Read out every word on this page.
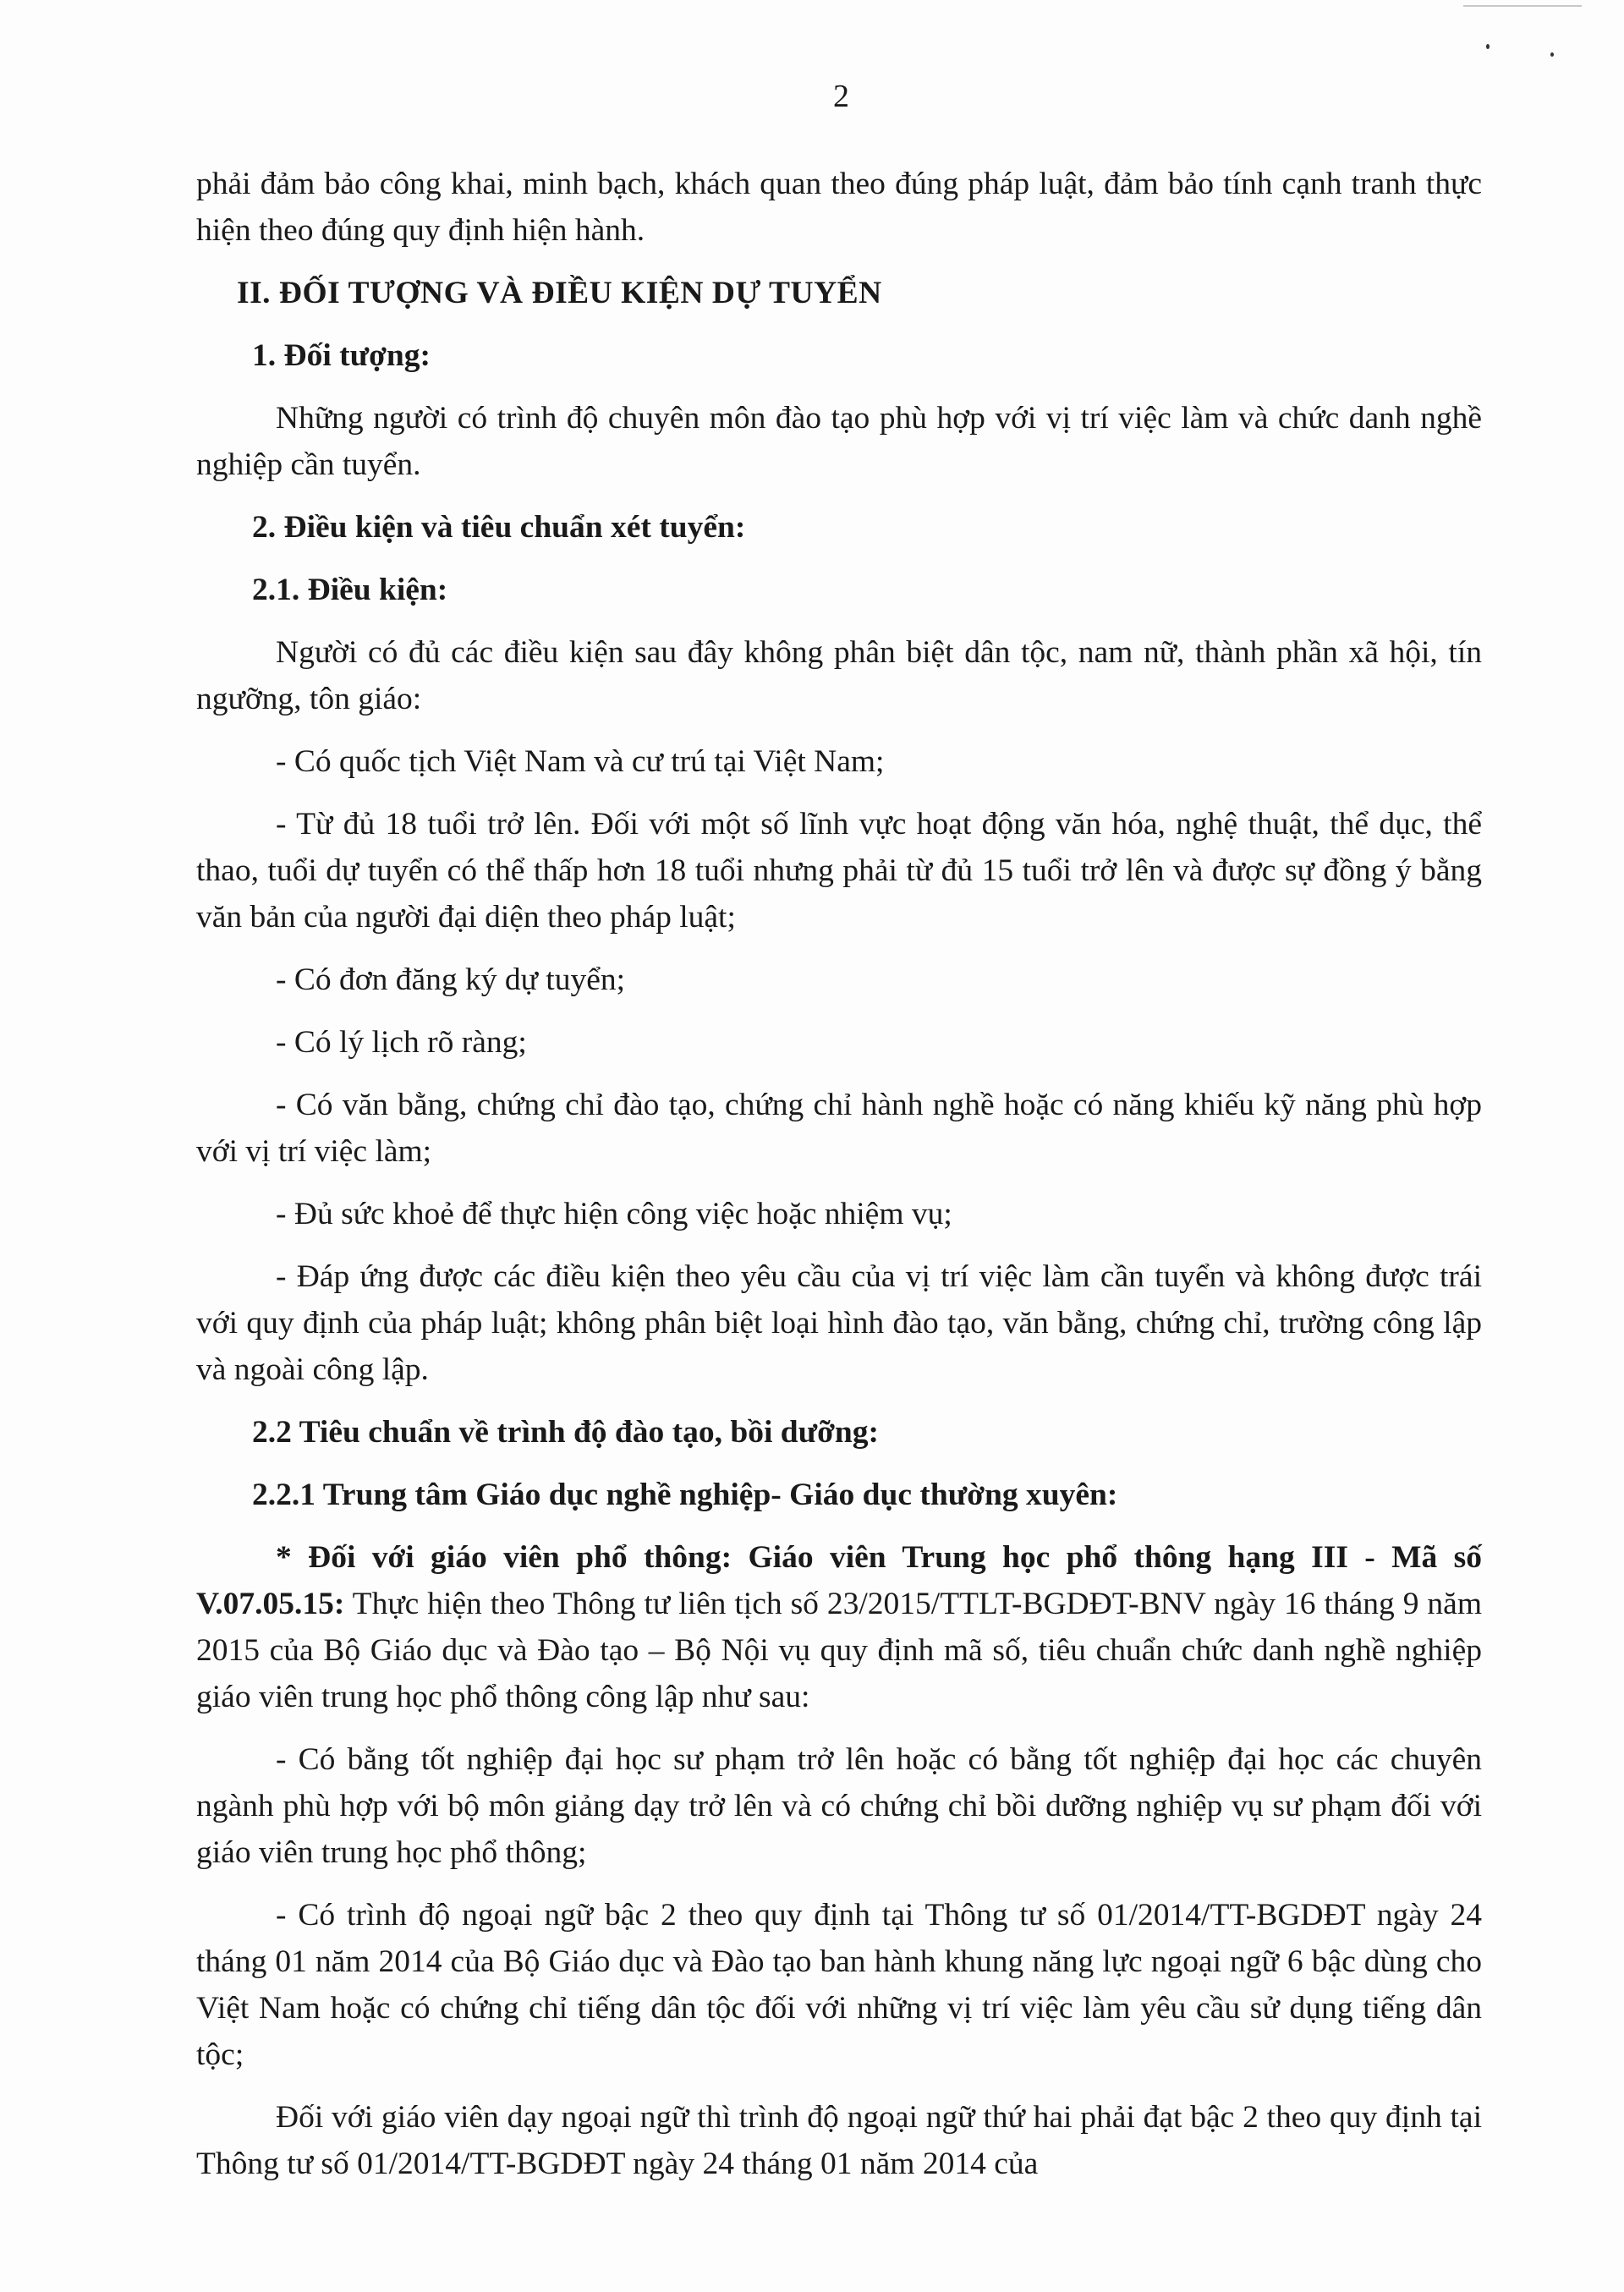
2

phải đảm bảo công khai, minh bạch, khách quan theo đúng pháp luật, đảm bảo tính cạnh tranh thực hiện theo đúng quy định hiện hành.

II. ĐỐI TƯỢNG VÀ ĐIỀU KIỆN DỰ TUYỂN

1. Đối tượng:

Những người có trình độ chuyên môn đào tạo phù hợp với vị trí việc làm và chức danh nghề nghiệp cần tuyển.

2. Điều kiện và tiêu chuẩn xét tuyển:

2.1. Điều kiện:

Người có đủ các điều kiện sau đây không phân biệt dân tộc, nam nữ, thành phần xã hội, tín ngưỡng, tôn giáo:

- Có quốc tịch Việt Nam và cư trú tại Việt Nam;

- Từ đủ 18 tuổi trở lên. Đối với một số lĩnh vực hoạt động văn hóa, nghệ thuật, thể dục, thể thao, tuổi dự tuyển có thể thấp hơn 18 tuổi nhưng phải từ đủ 15 tuổi trở lên và được sự đồng ý bằng văn bản của người đại diện theo pháp luật;

- Có đơn đăng ký dự tuyển;

- Có lý lịch rõ ràng;

- Có văn bằng, chứng chỉ đào tạo, chứng chỉ hành nghề hoặc có năng khiếu kỹ năng phù hợp với vị trí việc làm;

- Đủ sức khoẻ để thực hiện công việc hoặc nhiệm vụ;

- Đáp ứng được các điều kiện theo yêu cầu của vị trí việc làm cần tuyển và không được trái với quy định của pháp luật; không phân biệt loại hình đào tạo, văn bằng, chứng chỉ, trường công lập và ngoài công lập.

2.2 Tiêu chuẩn về trình độ đào tạo, bồi dưỡng:

2.2.1 Trung tâm Giáo dục nghề nghiệp- Giáo dục thường xuyên:

* Đối với giáo viên phổ thông: Giáo viên Trung học phổ thông hạng III - Mã số V.07.05.15: Thực hiện theo Thông tư liên tịch số 23/2015/TTLT-BGDĐT-BNV ngày 16 tháng 9 năm 2015 của Bộ Giáo dục và Đào tạo – Bộ Nội vụ quy định mã số, tiêu chuẩn chức danh nghề nghiệp giáo viên trung học phổ thông công lập như sau:

- Có bằng tốt nghiệp đại học sư phạm trở lên hoặc có bằng tốt nghiệp đại học các chuyên ngành phù hợp với bộ môn giảng dạy trở lên và có chứng chỉ bồi dưỡng nghiệp vụ sư phạm đối với giáo viên trung học phổ thông;

- Có trình độ ngoại ngữ bậc 2 theo quy định tại Thông tư số 01/2014/TT-BGDĐT ngày 24 tháng 01 năm 2014 của Bộ Giáo dục và Đào tạo ban hành khung năng lực ngoại ngữ 6 bậc dùng cho Việt Nam hoặc có chứng chỉ tiếng dân tộc đối với những vị trí việc làm yêu cầu sử dụng tiếng dân tộc;

Đối với giáo viên dạy ngoại ngữ thì trình độ ngoại ngữ thứ hai phải đạt bậc 2 theo quy định tại Thông tư số 01/2014/TT-BGDĐT ngày 24 tháng 01 năm 2014 của
